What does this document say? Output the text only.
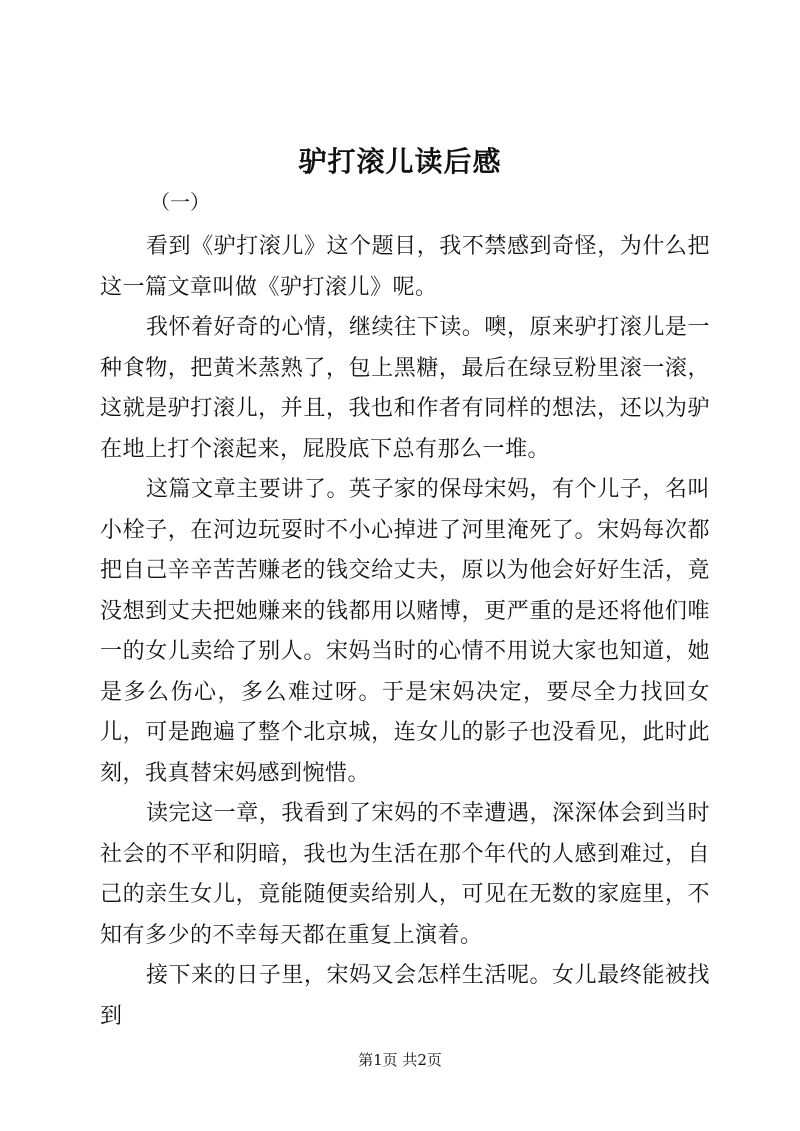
驴打滚儿读后感
（一）

看到《驴打滚儿》这个题目，我不禁感到奇怪，为什么把这一篇文章叫做《驴打滚儿》呢。

我怀着好奇的心情，继续往下读。噢，原来驴打滚儿是一种食物，把黄米蒸熟了，包上黑糖，最后在绿豆粉里滚一滚，这就是驴打滚儿，并且，我也和作者有同样的想法，还以为驴在地上打个滚起来，屁股底下总有那么一堆。

这篇文章主要讲了。英子家的保母宋妈，有个儿子，名叫小栓子，在河边玩耍时不小心掉进了河里淹死了。宋妈每次都把自己辛辛苦苦赚老的钱交给丈夫，原以为他会好好生活，竟没想到丈夫把她赚来的钱都用以赌博，更严重的是还将他们唯一的女儿卖给了别人。宋妈当时的心情不用说大家也知道，她是多么伤心，多么难过呀。于是宋妈决定，要尽全力找回女儿，可是跑遍了整个北京城，连女儿的影子也没看见，此时此刻，我真替宋妈感到惋惜。

读完这一章，我看到了宋妈的不幸遭遇，深深体会到当时社会的不平和阴暗，我也为生活在那个年代的人感到难过，自己的亲生女儿，竟能随便卖给别人，可见在无数的家庭里，不知有多少的不幸每天都在重复上演着。

接下来的日子里，宋妈又会怎样生活呢。女儿最终能被找到

第1页 共2页
